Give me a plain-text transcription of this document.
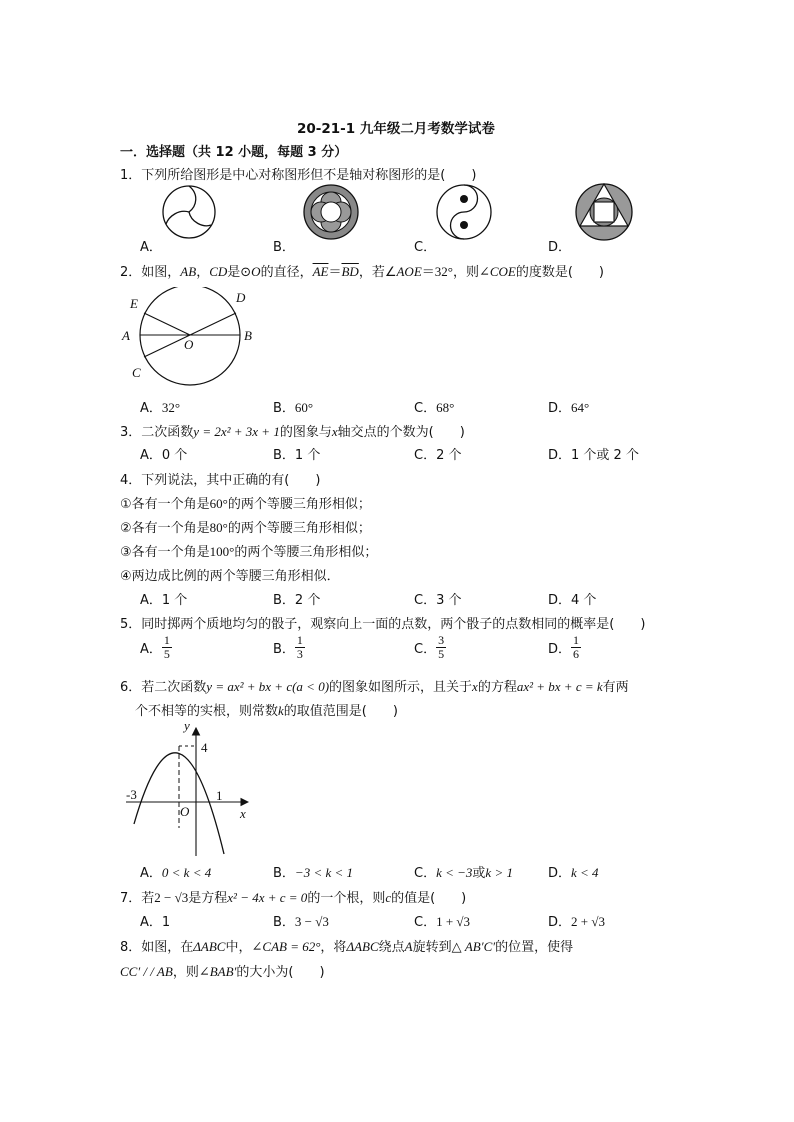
20-21-1 九年级二月考数学试卷
一．选择题（共 12 小题，每题 3 分）
1．下列所给图形是中心对称图形但不是轴对称图形的是(　　)
A．	B．	C．	D．
2．如图，AB，CD是⊙O的直径，$\overline{AE}=\overline{BD}$，若∠AOE＝32°，则∠COE的度数是(　　)
E	D
A	B
O
C
A．32°	B．60°	C．68°	D．64°
3．二次函数y = 2x² + 3x + 1的图象与x轴交点的个数为(　　)
A．0 个	B．1 个	C．2 个	D．1 个或 2 个
4．下列说法，其中正确的有(　　)
①各有一个角是60°的两个等腰三角形相似；
②各有一个角是80°的两个等腰三角形相似；
③各有一个角是100°的两个等腰三角形相似；
④两边成比例的两个等腰三角形相似．
A．1 个	B．2 个	C．3 个	D．4 个
5．同时掷两个质地均匀的骰子，观察向上一面的点数，两个骰子的点数相同的概率是(　　)
A． $\frac{1}{5}$	B． $\frac{1}{3}$	C． $\frac{3}{5}$	D． $\frac{1}{6}$
6．若二次函数y = ax² + bx + c(a < 0)的图象如图所示，且关于x的方程ax² + bx + c = k有两
个不相等的实根，则常数k的取值范围是(　　)
y
x
O
4
-3	1
A．0 < k < 4	B．−3 < k < 1	C．k < −3或k > 1	D．k < 4
7．若2 − √3是方程x² − 4x + c = 0的一个根，则c的值是(　　)
A．1	B．3 − √3	C．1 + √3	D．2 + √3
8．如图，在ΔABC中，∠CAB = 62°，将ΔABC绕点A旋转到△ AB′C′的位置，使得
CC′ / / AB，则∠BAB′的大小为(　　)
